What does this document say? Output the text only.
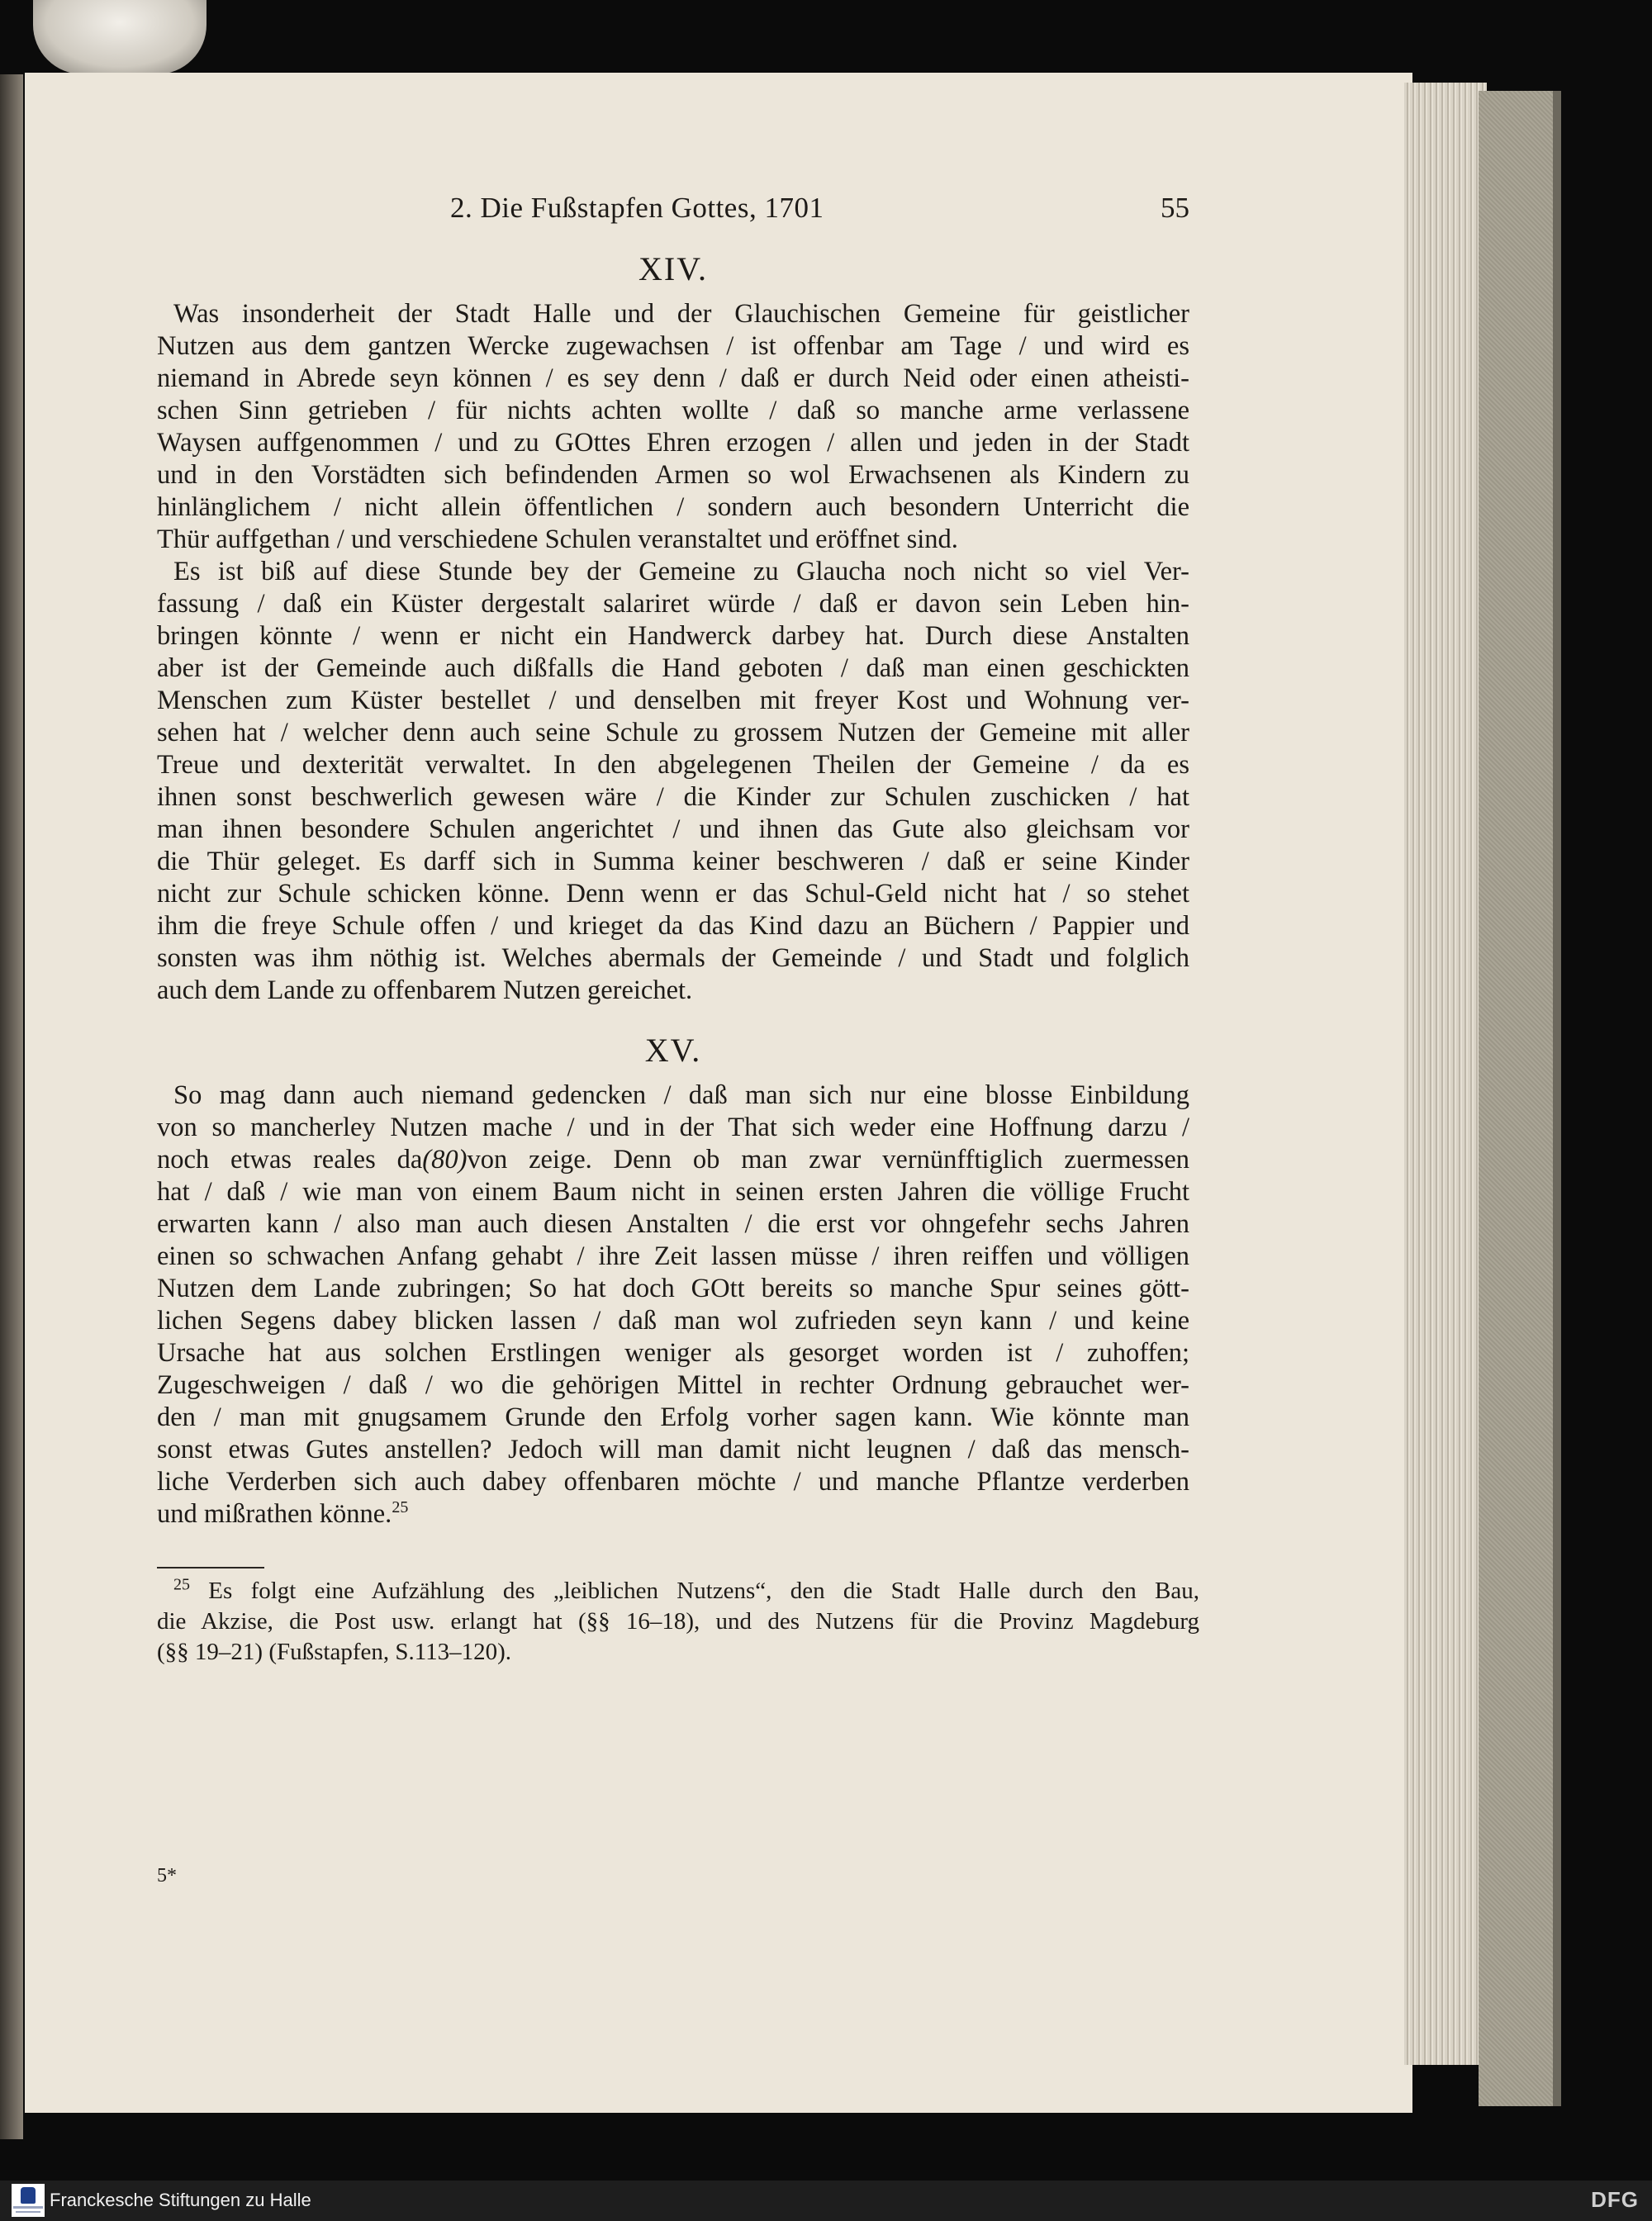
2. Die Fußstapfen Gottes, 1701	55
XIV.

Was insonderheit der Stadt Halle und der Glauchischen Gemeine für geistlicher
Nutzen aus dem gantzen Wercke zugewachsen / ist offenbar am Tage / und wird es
niemand in Abrede seyn können / es sey denn / daß er durch Neid oder einen atheisti-
schen Sinn getrieben / für nichts achten wollte / daß so manche arme verlassene
Waysen auffgenommen / und zu GOttes Ehren erzogen / allen und jeden in der Stadt
und in den Vorstädten sich befindenden Armen so wol Erwachsenen als Kindern zu
hinlänglichem / nicht allein öffentlichen / sondern auch besondern Unterricht die
Thür auffgethan / und verschiedene Schulen veranstaltet und eröffnet sind.

Es ist biß auf diese Stunde bey der Gemeine zu Glaucha noch nicht so viel Ver-
fassung / daß ein Küster dergestalt salariret würde / daß er davon sein Leben hin-
bringen könnte / wenn er nicht ein Handwerck darbey hat. Durch diese Anstalten
aber ist der Gemeinde auch dißfalls die Hand geboten / daß man einen geschickten
Menschen zum Küster bestellet / und denselben mit freyer Kost und Wohnung ver-
sehen hat / welcher denn auch seine Schule zu grossem Nutzen der Gemeine mit aller
Treue und dexterität verwaltet. In den abgelegenen Theilen der Gemeine / da es
ihnen sonst beschwerlich gewesen wäre / die Kinder zur Schulen zuschicken / hat
man ihnen besondere Schulen angerichtet / und ihnen das Gute also gleichsam vor
die Thür geleget. Es darff sich in Summa keiner beschweren / daß er seine Kinder
nicht zur Schule schicken könne. Denn wenn er das Schul-Geld nicht hat / so stehet
ihm die freye Schule offen / und krieget da das Kind dazu an Büchern / Pappier und
sonsten was ihm nöthig ist. Welches abermals der Gemeinde / und Stadt und folglich
auch dem Lande zu offenbarem Nutzen gereichet.

XV.

So mag dann auch niemand gedencken / daß man sich nur eine blosse Einbildung
von so mancherley Nutzen mache / und in der That sich weder eine Hoffnung darzu /
noch etwas reales da(80)von zeige. Denn ob man zwar vernünfftiglich zuermessen
hat / daß / wie man von einem Baum nicht in seinen ersten Jahren die völlige Frucht
erwarten kann / also man auch diesen Anstalten / die erst vor ohngefehr sechs Jahren
einen so schwachen Anfang gehabt / ihre Zeit lassen müsse / ihren reiffen und völligen
Nutzen dem Lande zubringen; So hat doch GOtt bereits so manche Spur seines gött-
lichen Segens dabey blicken lassen / daß man wol zufrieden seyn kann / und keine
Ursache hat aus solchen Erstlingen weniger als gesorget worden ist / zuhoffen;
Zugeschweigen / daß / wo die gehörigen Mittel in rechter Ordnung gebrauchet wer-
den / man mit gnugsamem Grunde den Erfolg vorher sagen kann. Wie könnte man
sonst etwas Gutes anstellen? Jedoch will man damit nicht leugnen / daß das mensch-
liche Verderben sich auch dabey offenbaren möchte / und manche Pflantze verderben
und mißrathen könne.$^{25}$

$^{25}$ Es folgt eine Aufzählung des „leiblichen Nutzens“, den die Stadt Halle durch den Bau,
die Akzise, die Post usw. erlangt hat (§§ 16–18), und des Nutzens für die Provinz Magdeburg
(§§ 19–21) (Fußstapfen, S.113–120).
5*
Franckesche Stiftungen zu Halle	DFG
